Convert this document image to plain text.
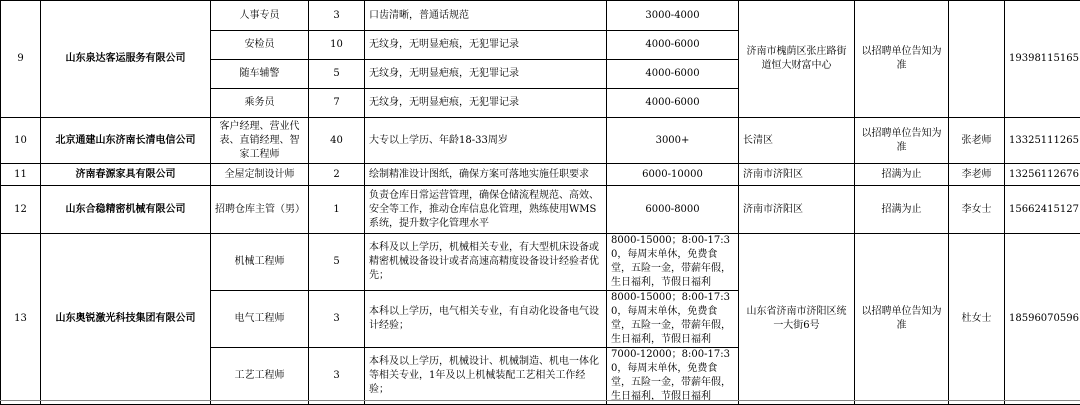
9	山东泉达客运服务有限公司	人事专员	3	口齿清晰，普通话规范	3000-4000	济南市槐荫区张庄路街道恒大财富中心	以招聘单位告知为准		19398115165
		安检员	10	无纹身，无明显疤痕，无犯罪记录	4000-6000				
		随车辅警	5	无纹身，无明显疤痕，无犯罪记录	4000-6000				
		乘务员	7	无纹身，无明显疤痕，无犯罪记录	4000-6000				
10	北京通建山东济南长清电信公司	客户经理、营业代表、直销经理、智家工程师	40	大专以上学历、年龄18-33周岁	3000+	长清区	以招聘单位告知为准	张老师	13325111265
11	济南春源家具有限公司	全屋定制设计师	2	绘制精准设计图纸，确保方案可落地实施任职要求	6000-10000	济南市济阳区	招满为止	李老师	13256112676
12	山东合稳精密机械有限公司	招聘仓库主管（男）	1	负责仓库日常运营管理，确保仓储流程规范、高效、安全等工作，推动仓库信息化管理，熟练使用WMS系统，提升数字化管理水平	6000-8000	济南市济阳区	招满为止	李女士	15662415127
13	山东奥锐激光科技集团有限公司	机械工程师	5	本科及以上学历，机械相关专业，有大型机床设备或精密机械设备设计或者高速高精度设备设计经验者优先；	8000-15000；8:00-17:30，每周末单休，免费食堂，五险一金，带薪年假，生日福利，节假日福利	山东省济南市济阳区统一大街6号	以招聘单位告知为准	杜女士	18596070596
		电气工程师	3	本科以上学历，电气相关专业，有自动化设备电气设计经验；	8000-15000；8:00-17:30，每周末单休，免费食堂，五险一金，带薪年假，生日福利，节假日福利				
		工艺工程师	3	本科及以上学历，机械设计、机械制造、机电一体化等相关专业，1年及以上机械装配工艺相关工作经验；	7000-12000；8:00-17:30，每周末单休，免费食堂，五险一金，带薪年假，生日福利，节假日福利				
